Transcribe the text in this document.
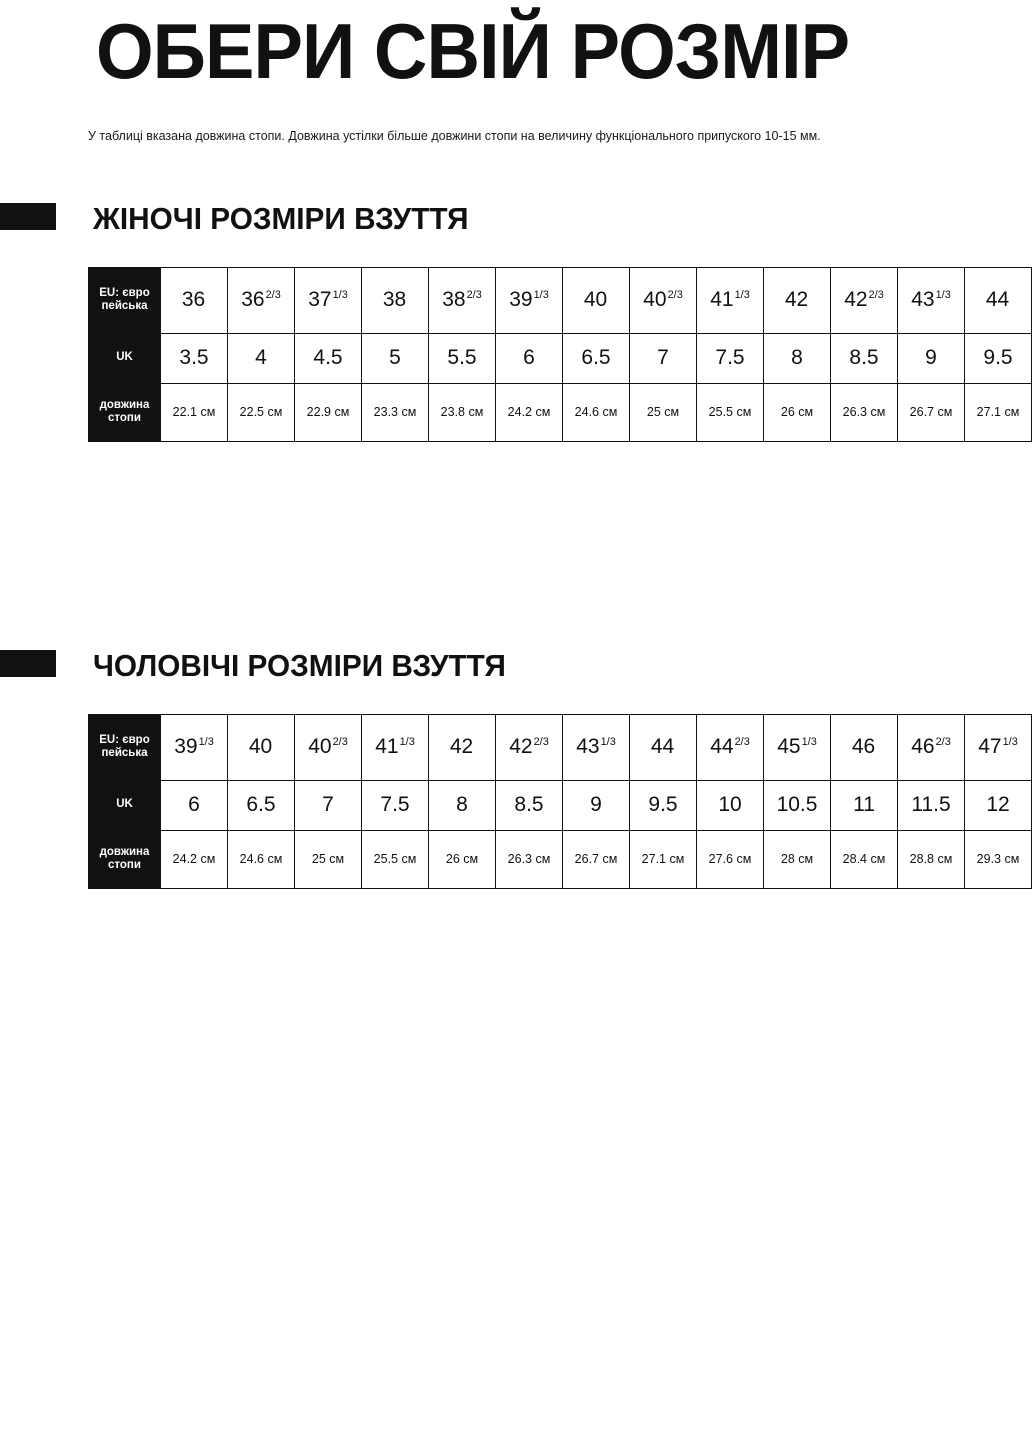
ОБЕРИ СВІЙ РОЗМІР

У таблиці вказана довжина стопи. Довжина устілки більше довжини стопи на величину функціонального припуского 10-15 мм.

ЖІНОЧІ РОЗМІРИ ВЗУТТЯ
EU: євро
пейська	36	$36^{2/3}$	$37^{1/3}$	38	$38^{2/3}$	$39^{1/3}$	40	$40^{2/3}$	$41^{1/3}$	42	$42^{2/3}$	$43^{1/3}$	44

UK	3.5	4	4.5	5	5.5	6	6.5	7	7.5	8	8.5	9	9.5

довжина
стопи	22.1 см	22.5 см	22.9 см	23.3 см	23.8 см	24.2 см	24.6 см	25 см	25.5 см	26 см	26.3 см	26.7 см	27.1 см
ЧОЛОВІЧІ РОЗМІРИ ВЗУТТЯ
EU: євро
пейська	$39^{1/3}$	40	$40^{2/3}$	$41^{1/3}$	42	$42^{2/3}$	$43^{1/3}$	44	$44^{2/3}$	$45^{1/3}$	46	$46^{2/3}$	$47^{1/3}$

UK	6	6.5	7	7.5	8	8.5	9	9.5	10	10.5	11	11.5	12

довжина
стопи	24.2 см	24.6 см	25 см	25.5 см	26 см	26.3 см	26.7 см	27.1 см	27.6 см	28 см	28.4 см	28.8 см	29.3 см
